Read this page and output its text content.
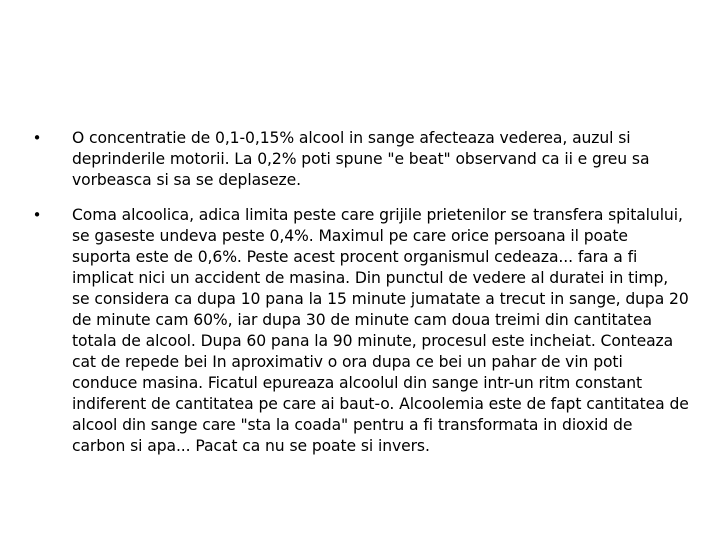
• O concentratie de 0,1-0,15% alcool in sange afecteaza vederea, auzul si deprinderile motorii. La 0,2% poti spune "e beat" observand ca ii e greu sa vorbeasca si sa se deplaseze.
• Coma alcoolica, adica limita peste care grijile prietenilor se transfera spitalului, se gaseste undeva peste 0,4%. Maximul pe care orice persoana il poate suporta este de 0,6%. Peste acest procent organismul cedeaza... fara a fi implicat nici un accident de masina. Din punctul de vedere al duratei in timp, se considera ca dupa 10 pana la 15 minute jumatate a trecut in sange, dupa 20 de minute cam 60%, iar dupa 30 de minute cam doua treimi din cantitatea totala de alcool. Dupa 60 pana la 90 minute, procesul este incheiat. Conteaza cat de repede bei In aproximativ o ora dupa ce bei un pahar de vin poti conduce masina. Ficatul epureaza alcoolul din sange intr-un ritm constant indiferent de cantitatea pe care ai baut-o. Alcoolemia este de fapt cantitatea de alcool din sange care "sta la coada" pentru a fi transformata in dioxid de carbon si apa... Pacat ca nu se poate si invers.
